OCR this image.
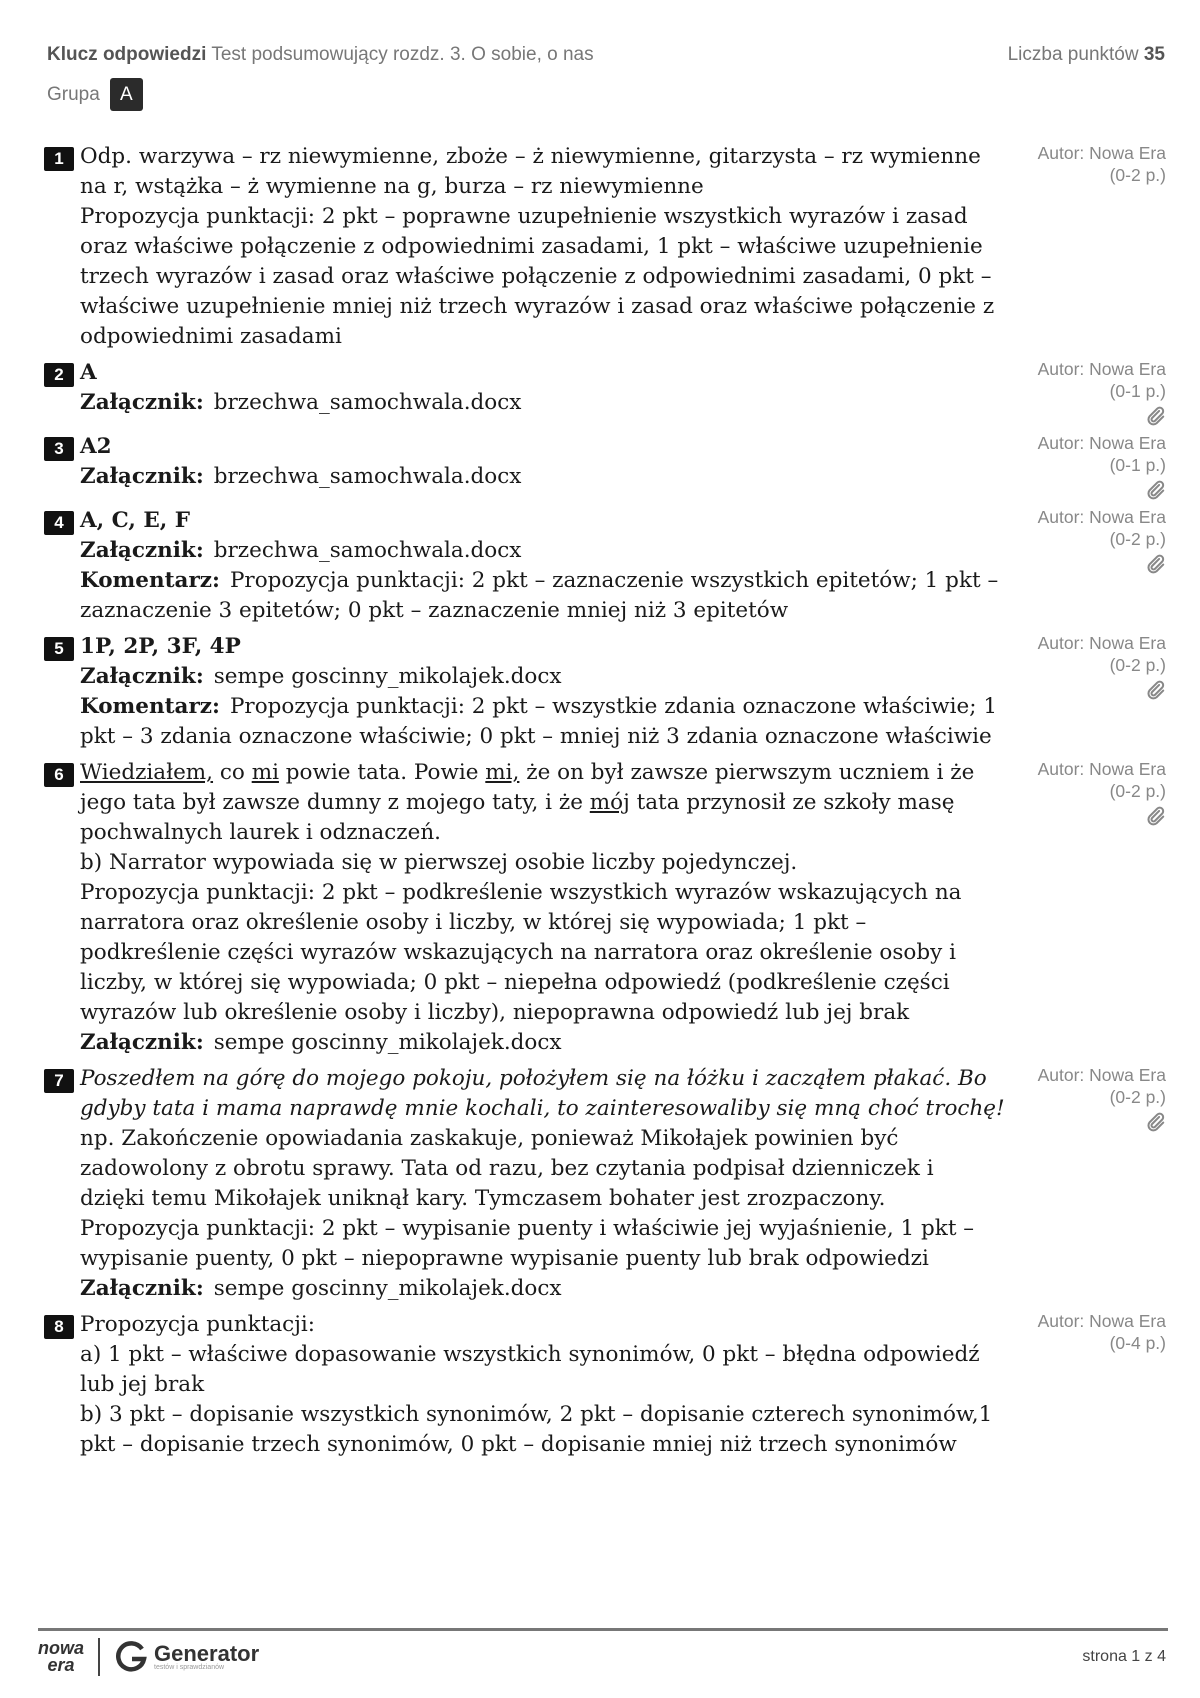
Klucz odpowiedzi Test podsumowujący rozdz. 3. O sobie, o nas	Liczba punktów 35
Grupa	A
1 Odp. warzywa – rz niewymienne, zboże – ż niewymienne, gitarzysta – rz wymienne na r, wstążka – ż wymienne na g, burza – rz niewymienne

Propozycja punktacji: 2 pkt – poprawne uzupełnienie wszystkich wyrazów i zasad oraz właściwe połączenie z odpowiednimi zasadami, 1 pkt – właściwe uzupełnienie trzech wyrazów i zasad oraz właściwe połączenie z odpowiednimi zasadami, 0 pkt – właściwe uzupełnienie mniej niż trzech wyrazów i zasad oraz właściwe połączenie z odpowiednimi zasadami

Autor: Nowa Era
(0-2 p.)
2 A

Załącznik: brzechwa_samochwala.docx

Autor: Nowa Era
(0-1 p.)
3 A2

Załącznik: brzechwa_samochwala.docx

Autor: Nowa Era
(0-1 p.)
4 A, C, E, F

Załącznik: brzechwa_samochwala.docx

Komentarz: Propozycja punktacji: 2 pkt – zaznaczenie wszystkich epitetów; 1 pkt – zaznaczenie 3 epitetów; 0 pkt – zaznaczenie mniej niż 3 epitetów

Autor: Nowa Era
(0-2 p.)
5 1P, 2P, 3F, 4P

Załącznik: sempe goscinny_mikolajek.docx

Komentarz: Propozycja punktacji: 2 pkt – wszystkie zdania oznaczone właściwie; 1 pkt – 3 zdania oznaczone właściwie; 0 pkt – mniej niż 3 zdania oznaczone właściwie

Autor: Nowa Era
(0-2 p.)
6 Wiedziałem, co mi powie tata. Powie mi, że on był zawsze pierwszym uczniem i że jego tata był zawsze dumny z mojego taty, i że mój tata przynosił ze szkoły masę pochwalnych laurek i odznaczeń.

b) Narrator wypowiada się w pierwszej osobie liczby pojedynczej.

Propozycja punktacji: 2 pkt – podkreślenie wszystkich wyrazów wskazujących na narratora oraz określenie osoby i liczby, w której się wypowiada; 1 pkt – podkreślenie części wyrazów wskazujących na narratora oraz określenie osoby i liczby, w której się wypowiada; 0 pkt – niepełna odpowiedź (podkreślenie części wyrazów lub określenie osoby i liczby), niepoprawna odpowiedź lub jej brak

Załącznik: sempe goscinny_mikolajek.docx

Autor: Nowa Era
(0-2 p.)
7 Poszedłem na górę do mojego pokoju, położyłem się na łóżku i zacząłem płakać. Bo gdyby tata i mama naprawdę mnie kochali, to zainteresowaliby się mną choć trochę!

np. Zakończenie opowiadania zaskakuje, ponieważ Mikołajek powinien być zadowolony z obrotu sprawy. Tata od razu, bez czytania podpisał dzienniczek i dzięki temu Mikołajek uniknął kary. Tymczasem bohater jest zrozpaczony.

Propozycja punktacji: 2 pkt – wypisanie puenty i właściwie jej wyjaśnienie, 1 pkt – wypisanie puenty, 0 pkt – niepoprawne wypisanie puenty lub brak odpowiedzi

Załącznik: sempe goscinny_mikolajek.docx

Autor: Nowa Era
(0-2 p.)
8 Propozycja punktacji:

a) 1 pkt – właściwe dopasowanie wszystkich synonimów, 0 pkt – błędna odpowiedź lub jej brak

b) 3 pkt – dopisanie wszystkich synonimów, 2 pkt – dopisanie czterech synonimów,1 pkt – dopisanie trzech synonimów, 0 pkt – dopisanie mniej niż trzech synonimów

Autor: Nowa Era
(0-4 p.)
nowa
era	Generator
testów i sprawdzianów
strona 1 z 4
